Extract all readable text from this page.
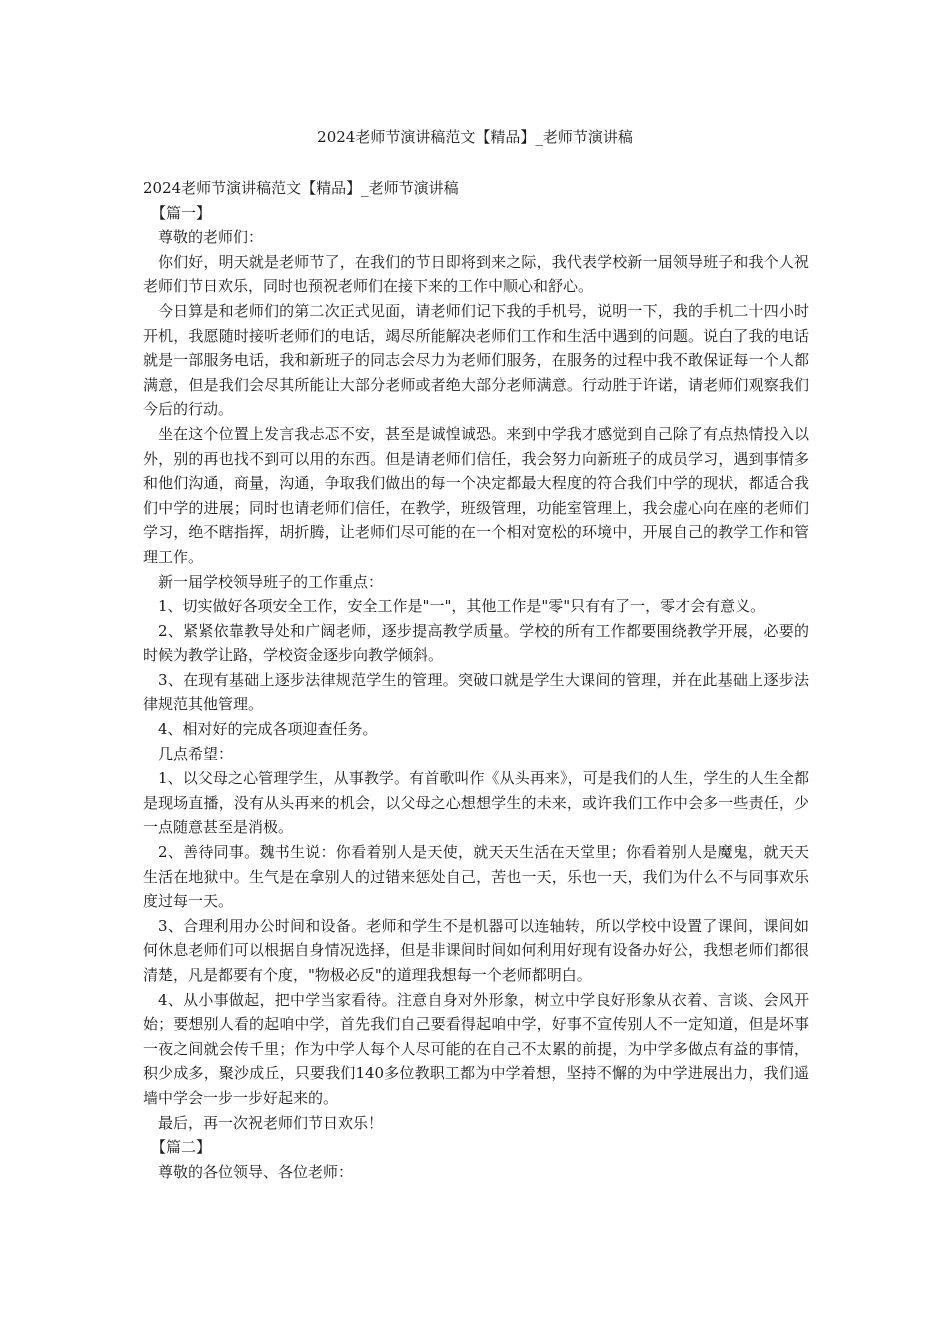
2024老师节演讲稿范文【精品】_老师节演讲稿

2024老师节演讲稿范文【精品】_老师节演讲稿

【篇一】

尊敬的老师们：

你们好，明天就是老师节了，在我们的节日即将到来之际，我代表学校新一届领导班子和我个人祝老师们节日欢乐，同时也预祝老师们在接下来的工作中顺心和舒心。

今日算是和老师们的第二次正式见面，请老师们记下我的手机号，说明一下，我的手机二十四小时开机，我愿随时接听老师们的电话，竭尽所能解决老师们工作和生活中遇到的问题。说白了我的电话就是一部服务电话，我和新班子的同志会尽力为老师们服务，在服务的过程中我不敢保证每一个人都满意，但是我们会尽其所能让大部分老师或者绝大部分老师满意。行动胜于许诺，请老师们观察我们今后的行动。

坐在这个位置上发言我忐忑不安，甚至是诚惶诚恐。来到中学我才感觉到自己除了有点热情投入以外，别的再也找不到可以用的东西。但是请老师们信任，我会努力向新班子的成员学习，遇到事情多和他们沟通，商量，沟通，争取我们做出的每一个决定都最大程度的符合我们中学的现状，都适合我们中学的进展；同时也请老师们信任，在教学，班级管理，功能室管理上，我会虚心向在座的老师们学习，绝不瞎指挥，胡折腾，让老师们尽可能的在一个相对宽松的环境中，开展自己的教学工作和管理工作。

新一届学校领导班子的工作重点：

1、切实做好各项安全工作，安全工作是"一"，其他工作是"零"只有有了一，零才会有意义。

2、紧紧依靠教导处和广阔老师，逐步提高教学质量。学校的所有工作都要围绕教学开展，必要的时候为教学让路，学校资金逐步向教学倾斜。

3、在现有基础上逐步法律规范学生的管理。突破口就是学生大课间的管理，并在此基础上逐步法律规范其他管理。

4、相对好的完成各项迎查任务。

几点希望：

1、以父母之心管理学生，从事教学。有首歌叫作《从头再来》，可是我们的人生，学生的人生全都是现场直播，没有从头再来的机会，以父母之心想想学生的未来，或许我们工作中会多一些责任，少一点随意甚至是消极。

2、善待同事。魏书生说：你看着别人是天使，就天天生活在天堂里；你看着别人是魔鬼，就天天生活在地狱中。生气是在拿别人的过错来惩处自己，苦也一天，乐也一天，我们为什么不与同事欢乐度过每一天。

3、合理利用办公时间和设备。老师和学生不是机器可以连轴转，所以学校中设置了课间，课间如何休息老师们可以根据自身情况选择，但是非课间时间如何利用好现有设备办好公，我想老师们都很清楚，凡是都要有个度，"物极必反"的道理我想每一个老师都明白。

4、从小事做起，把中学当家看待。注意自身对外形象，树立中学良好形象从衣着、言谈、会风开始；要想别人看的起咱中学，首先我们自己要看得起咱中学，好事不宣传别人不一定知道，但是坏事一夜之间就会传千里；作为中学人每个人尽可能的在自己不太累的前提，为中学多做点有益的事情，积少成多，聚沙成丘，只要我们140多位教职工都为中学着想，坚持不懈的为中学进展出力，我们遥墙中学会一步一步好起来的。

最后，再一次祝老师们节日欢乐！

【篇二】

尊敬的各位领导、各位老师：
